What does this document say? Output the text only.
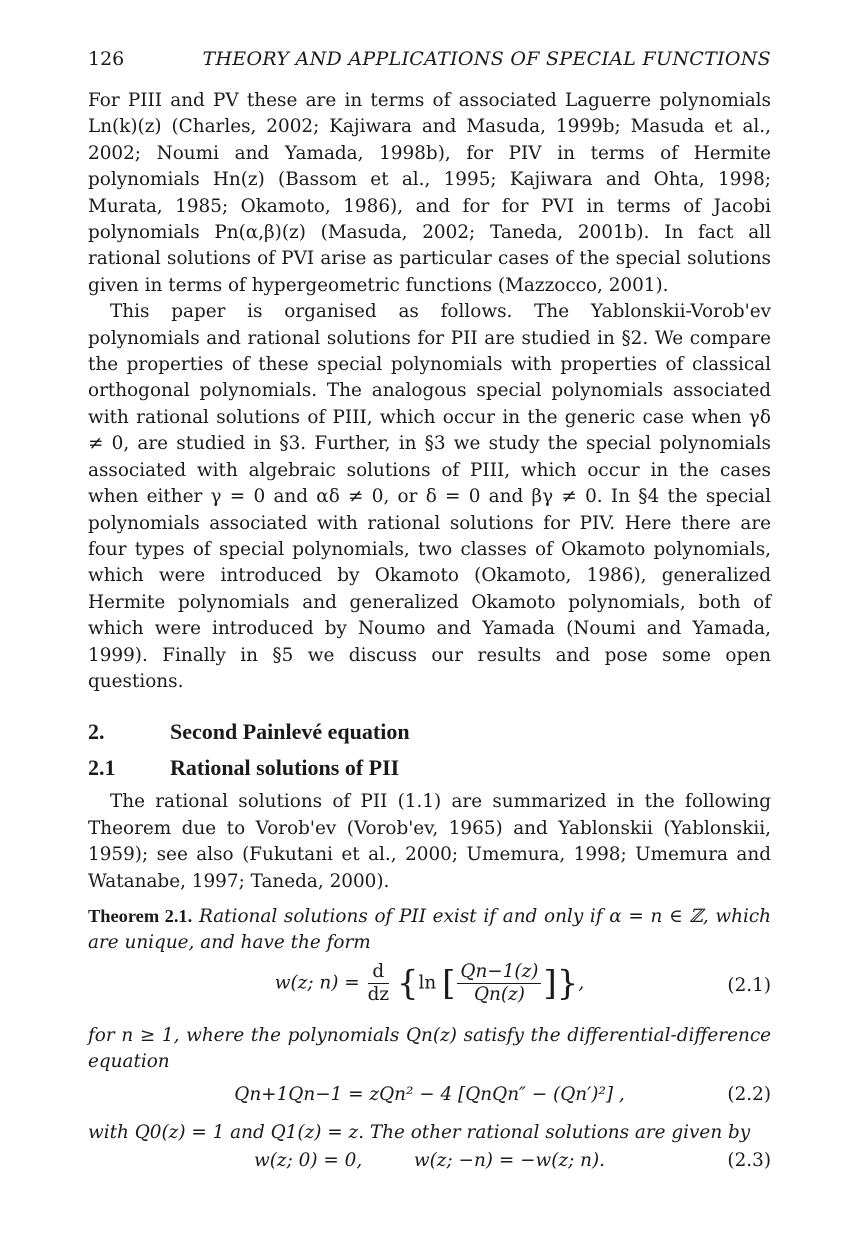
126	THEORY AND APPLICATIONS OF SPECIAL FUNCTIONS

For PIII and PV these are in terms of associated Laguerre polynomials Ln(k)(z) (Charles, 2002; Kajiwara and Masuda, 1999b; Masuda et al., 2002; Noumi and Yamada, 1998b), for PIV in terms of Hermite polynomials Hn(z) (Bassom et al., 1995; Kajiwara and Ohta, 1998; Murata, 1985; Okamoto, 1986), and for for PVI in terms of Jacobi polynomials Pn(α,β)(z) (Masuda, 2002; Taneda, 2001b). In fact all rational solutions of PVI arise as particular cases of the special solutions given in terms of hypergeometric functions (Mazzocco, 2001).

This paper is organised as follows. The Yablonskii-Vorob'ev polynomials and rational solutions for PII are studied in §2. We compare the properties of these special polynomials with properties of classical orthogonal polynomials. The analogous special polynomials associated with rational solutions of PIII, which occur in the generic case when γδ ≠ 0, are studied in §3. Further, in §3 we study the special polynomials associated with algebraic solutions of PIII, which occur in the cases when either γ = 0 and αδ ≠ 0, or δ = 0 and βγ ≠ 0. In §4 the special polynomials associated with rational solutions for PIV. Here there are four types of special polynomials, two classes of Okamoto polynomials, which were introduced by Okamoto (Okamoto, 1986), generalized Hermite polynomials and generalized Okamoto polynomials, both of which were introduced by Noumo and Yamada (Noumi and Yamada, 1999). Finally in §5 we discuss our results and pose some open questions.

2.	Second Painlevé equation
2.1	Rational solutions of PII

The rational solutions of PII (1.1) are summarized in the following Theorem due to Vorob'ev (Vorob'ev, 1965) and Yablonskii (Yablonskii, 1959); see also (Fukutani et al., 2000; Umemura, 1998; Umemura and Watanabe, 1997; Taneda, 2000).

Theorem 2.1. Rational solutions of PII exist if and only if α = n ∈ ℤ, which are unique, and have the form

w(z; $n) = \frac{d}{dz} \{\ln$ [ $\frac{Qn-1(z)}{Qn(z)}$ ]},	(2.1)

for n ≥ 1, where the polynomials Qn(z) satisfy the differential-difference equation

Qn+1Qn−1 = zQn² − 4 [QnQn″ − (Qn′)²] ,	(2.2)

with Q0(z) = 1 and Q1(z) = z. The other rational solutions are given by

w(z; 0) = 0,	w(z; −n) = −w(z; n).	(2.3)
